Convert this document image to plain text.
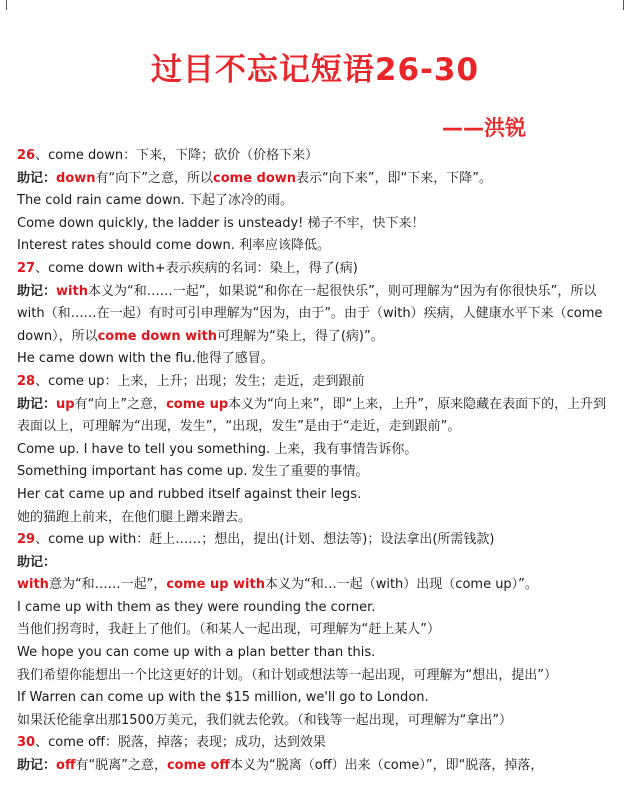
过目不忘记短语26-30
——洪锐
26、come down：下来，下降；砍价（价格下来）
助记：down有“向下”之意，所以come down表示“向下来”，即“下来，下降”。
The cold rain came down. 下起了冰冷的雨。
Come down quickly, the ladder is unsteady! 梯子不牢，快下来！
Interest rates should come down. 利率应该降低。
27、come down with+表示疾病的名词：染上，得了(病)
助记：with本义为“和……一起”，如果说“和你在一起很快乐”，则可理解为“因为有你很快乐”，所以with（和……在一起）有时可引申理解为“因为，由于”。由于（with）疾病，人健康水平下来（come down），所以come down with可理解为“染上，得了(病)”。
He came down with the flu.他得了感冒。
28、come up：上来，上升；出现；发生；走近，走到跟前
助记：up有“向上”之意，come up本义为“向上来”，即“上来，上升”，原来隐藏在表面下的，上升到表面以上，可理解为“出现，发生”，“出现，发生”是由于“走近，走到跟前”。
Come up. I have to tell you something. 上来，我有事情告诉你。
Something important has come up. 发生了重要的事情。
Her cat came up and rubbed itself against their legs.
她的猫跑上前来，在他们腿上蹭来蹭去。
29、come up with：赶上……；想出，提出(计划、想法等)；设法拿出(所需钱款)
助记：
with意为“和……一起”，come up with本义为“和…一起（with）出现（come up）”。
I came up with them as they were rounding the corner.
当他们拐弯时，我赶上了他们。（和某人一起出现，可理解为“赶上某人”）
We hope you can come up with a plan better than this.
我们希望你能想出一个比这更好的计划。（和计划或想法等一起出现，可理解为“想出，提出”）
If Warren can come up with the $15 million, we'll go to London.
如果沃伦能拿出那1500万美元，我们就去伦敦。（和钱等一起出现，可理解为“拿出”）
30、come off：脱落，掉落；表现；成功，达到效果
助记：off有“脱离”之意，come off本义为“脱离（off）出来（come）”，即“脱落，掉落，
